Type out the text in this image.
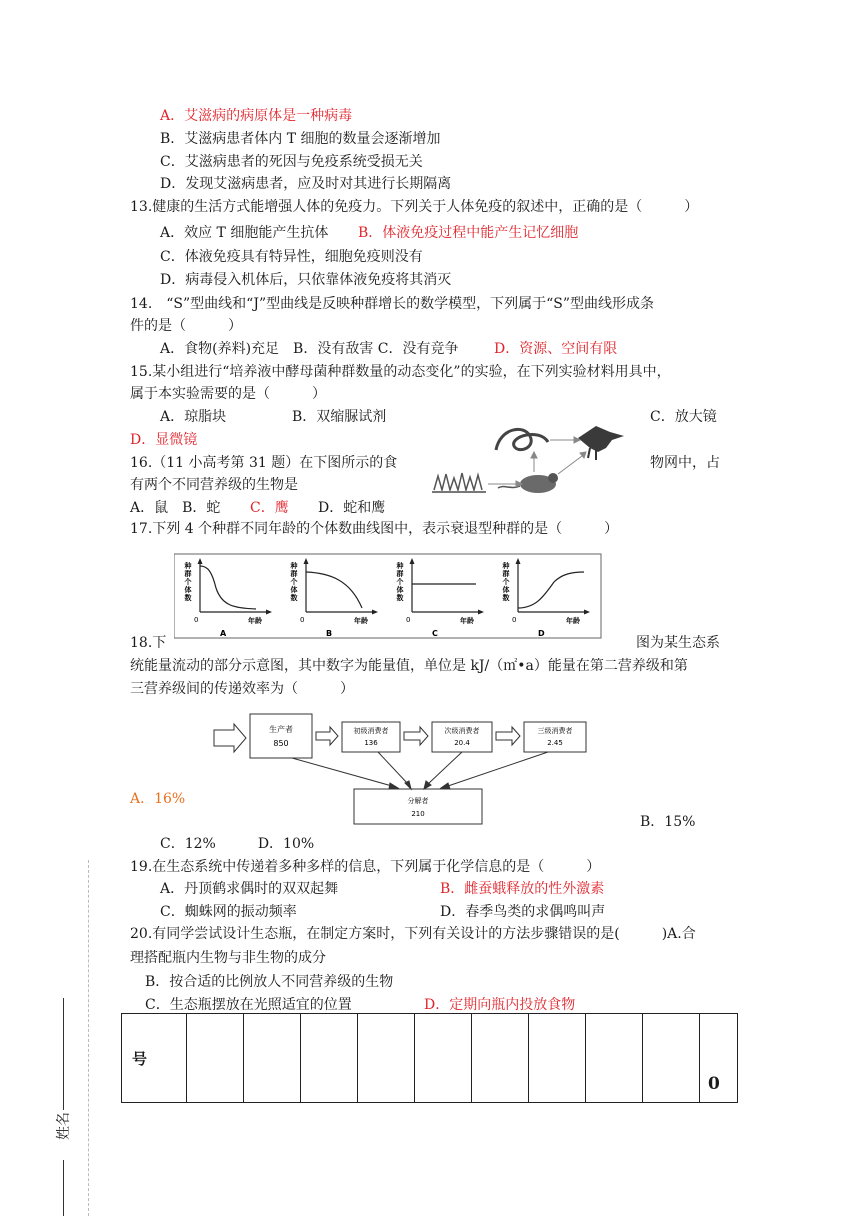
A．艾滋病的病原体是一种病毒
B．艾滋病患者体内 T 细胞的数量会逐渐增加
C．艾滋病患者的死因与免疫系统受损无关
D．发现艾滋病患者，应及时对其进行长期隔离
13.健康的生活方式能增强人体的免疫力。下列关于人体免疫的叙述中，正确的是（　　　）
A．效应 T 细胞能产生抗体 B．体液免疫过程中能产生记忆细胞
C．体液免疫具有特异性，细胞免疫则没有
D．病毒侵入机体后，只依靠体液免疫将其消灭
14.　“S”型曲线和“J”型曲线是反映种群增长的数学模型，下列属于“S”型曲线形成条
件的是（　　　）
A．食物(养料)充足　B．没有敌害 C．没有竞争	D．资源、空间有限
15.某小组进行“培养液中酵母菌种群数量的动态变化”的实验，在下列实验材料用具中，
属于本实验需要的是（　　　）
A．琼脂块	B．双缩脲试剂	C．放大镜
D．显微镜
16.（11 小高考第 31 题）在下图所示的食	物网中，占
有两个不同营养级的生物是
A．鼠　B．蛇 C．鹰 D．蛇和鹰
17.下列 4 个种群不同年龄的个体数曲线图中，表示衰退型种群的是（　　　）
种
群
个
体
数
0	年龄
A
种
群
个
体
数
0	年龄
B
种
群
个
体
数
0	年龄
C
种
群
个
体
数
0	年龄
D
18.下	图为某生态系
统能量流动的部分示意图，其中数字为能量值，单位是 kJ/（㎡•a）能量在第二营养级和第
三营养级间的传递效率为（　　　）
生产者
850
初级消费者
136
次级消费者
20.4
三级消费者
2.45
分解者
210
A．16%
B．15%
C．12%　　　D．10%
19.在生态系统中传递着多种多样的信息，下列属于化学信息的是（　　　）
A．丹顶鹤求偶时的双双起舞	B．雌蚕蛾释放的性外激素
C．蜘蛛网的振动频率	D．春季鸟类的求偶鸣叫声
20.有同学尝试设计生态瓶，在制定方案时，下列有关设计的方法步骤错误的是(　　　)A.合
理搭配瓶内生物与非生物的成分
B．按合适的比例放人不同营养级的生物
C．生态瓶摆放在光照适宜的位置	D．定期向瓶内投放食物
号										0
姓名
